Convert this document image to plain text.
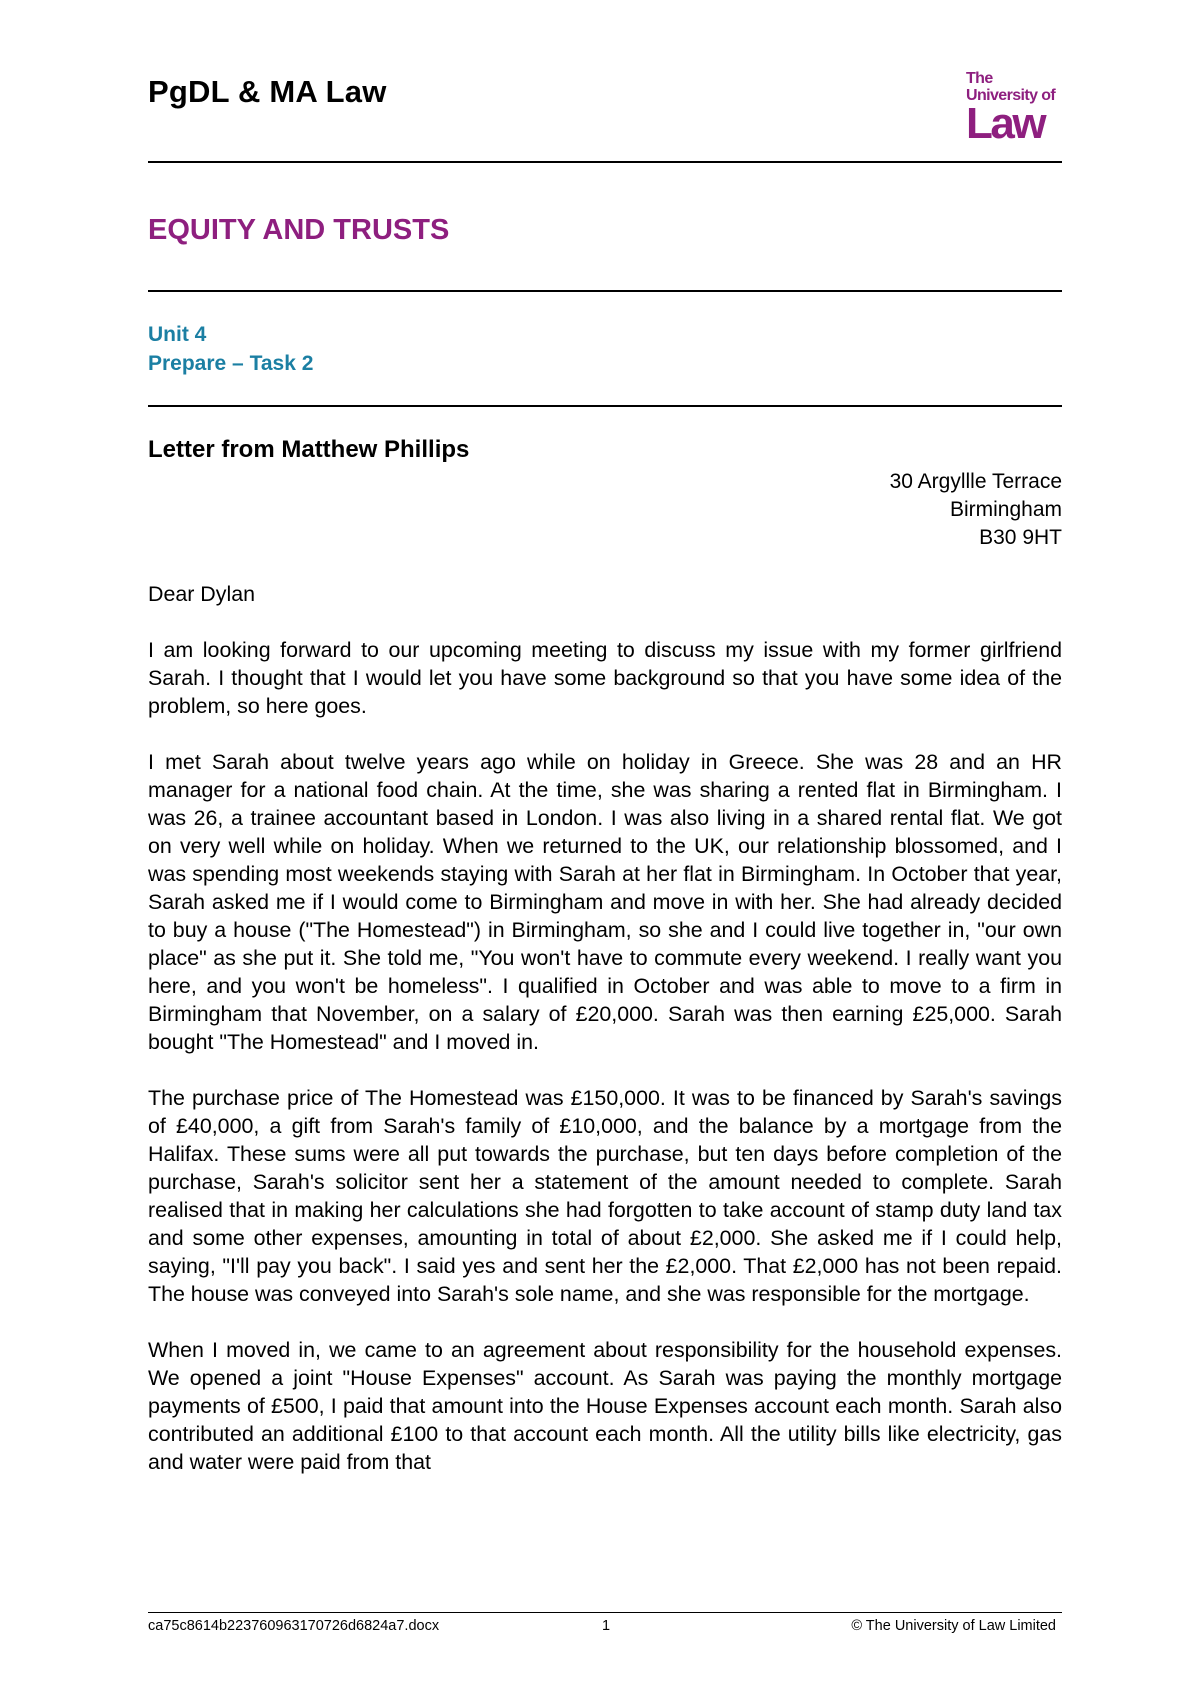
PgDL & MA Law	The
University of
Law
EQUITY AND TRUSTS
Unit 4
Prepare – Task 2
Letter from Matthew Phillips
30 Argyllle Terrace
Birmingham
B30 9HT

Dear Dylan

I am looking forward to our upcoming meeting to discuss my issue with my former girlfriend Sarah. I thought that I would let you have some background so that you have some idea of the problem, so here goes.

I met Sarah about twelve years ago while on holiday in Greece. She was 28 and an HR manager for a national food chain. At the time, she was sharing a rented flat in Birmingham. I was 26, a trainee accountant based in London. I was also living in a shared rental flat. We got on very well while on holiday. When we returned to the UK, our relationship blossomed, and I was spending most weekends staying with Sarah at her flat in Birmingham. In October that year, Sarah asked me if I would come to Birmingham and move in with her. She had already decided to buy a house ("The Homestead") in Birmingham, so she and I could live together in, "our own place" as she put it. She told me, "You won't have to commute every weekend. I really want you here, and you won't be homeless". I qualified in October and was able to move to a firm in Birmingham that November, on a salary of £20,000. Sarah was then earning £25,000. Sarah bought "The Homestead" and I moved in.

The purchase price of The Homestead was £150,000. It was to be financed by Sarah's savings of £40,000, a gift from Sarah's family of £10,000, and the balance by a mortgage from the Halifax. These sums were all put towards the purchase, but ten days before completion of the purchase, Sarah's solicitor sent her a statement of the amount needed to complete. Sarah realised that in making her calculations she had forgotten to take account of stamp duty land tax and some other expenses, amounting in total of about £2,000. She asked me if I could help, saying, "I'll pay you back". I said yes and sent her the £2,000. That £2,000 has not been repaid. The house was conveyed into Sarah's sole name, and she was responsible for the mortgage.

When I moved in, we came to an agreement about responsibility for the household expenses. We opened a joint "House Expenses" account. As Sarah was paying the monthly mortgage payments of £500, I paid that amount into the House Expenses account each month. Sarah also contributed an additional £100 to that account each month. All the utility bills like electricity, gas and water were paid from that

ca75c8614b223760963170726d6824a7.docx	1	© The University of Law Limited
